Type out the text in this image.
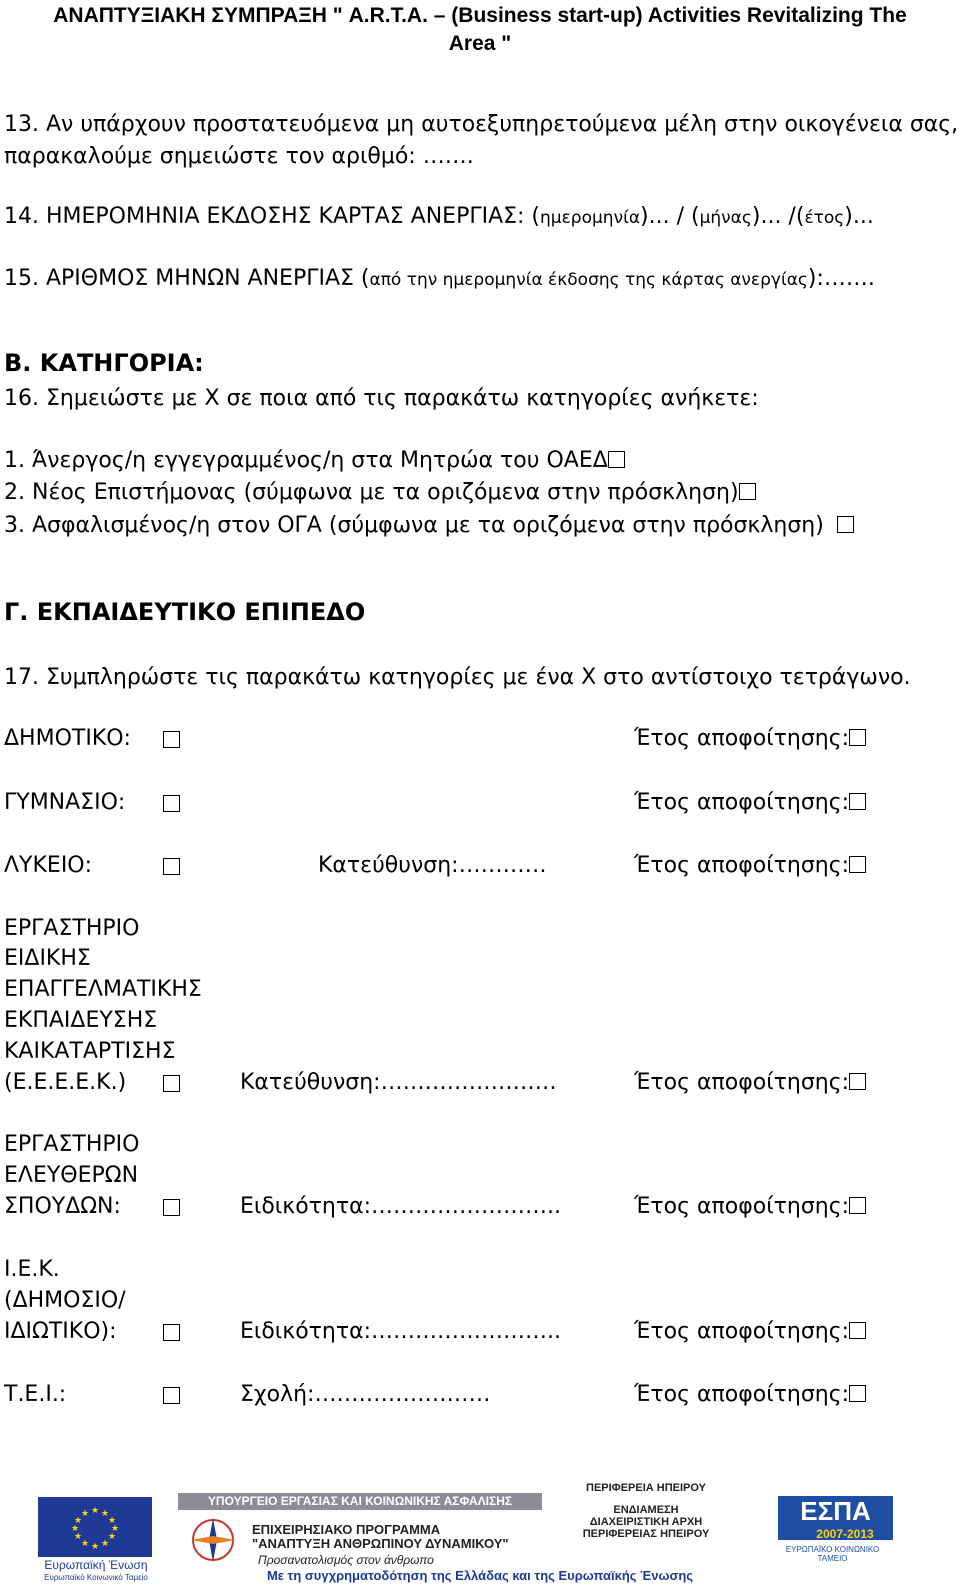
ΑΝΑΠΤΥΞΙΑΚΗ ΣΥΜΠΡΑΞΗ " A.R.T.A. – (Business start-up) Activities Revitalizing The
Area "
13. Αν υπάρχουν προστατευόμενα μη αυτοεξυπηρετούμενα μέλη στην οικογένεια σας,
παρακαλούμε σημειώστε τον αριθμό: …….
14. ΗΜΕΡΟΜΗΝΙΑ ΕΚΔΟΣΗΣ ΚΑΡΤΑΣ ΑΝΕΡΓΙΑΣ: (ημερομηνία)... / (μήνας)... /(έτος)...
15. ΑΡΙΘΜΟΣ ΜΗΝΩΝ ΑΝΕΡΓΙΑΣ (από την ημερομηνία έκδοσης της κάρτας ανεργίας):…….
Β. ΚΑΤΗΓΟΡΙΑ:
16. Σημειώστε με Χ σε ποια από τις παρακάτω κατηγορίες ανήκετε:
1. Άνεργος/η εγγεγραμμένος/η στα Μητρώα του ΟΑΕΔ
2. Νέος Επιστήμονας (σύμφωνα με τα οριζόμενα στην πρόσκληση)
3. Ασφαλισμένος/η στον ΟΓΑ (σύμφωνα με τα οριζόμενα στην πρόσκληση)
Γ. ΕΚΠΑΙΔΕΥΤΙΚΟ ΕΠΙΠΕΔΟ
17. Συμπληρώστε τις παρακάτω κατηγορίες με ένα Χ στο αντίστοιχο τετράγωνο.
ΔΗΜΟΤΙΚΟ:	Έτος αποφοίτησης:
ΓΥΜΝΑΣΙΟ:	Έτος αποφοίτησης:
ΛΥΚΕΙΟ:	Κατεύθυνση:…………	Έτος αποφοίτησης:
ΕΡΓΑΣΤΗΡΙΟ
ΕΙΔΙΚΗΣ
ΕΠΑΓΓΕΛΜΑΤΙΚΗΣ
ΕΚΠΑΙΔΕΥΣΗΣ
ΚΑΙΚΑΤΑΡΤΙΣΗΣ
(Ε.Ε.Ε.Ε.Κ.)	Κατεύθυνση:……………………	Έτος αποφοίτησης:
ΕΡΓΑΣΤΗΡΙΟ
ΕΛΕΥΘΕΡΩΝ
ΣΠΟΥΔΩΝ:	Ειδικότητα:……………………..	Έτος αποφοίτησης:
Ι.Ε.Κ.
(ΔΗΜΟΣΙΟ/
ΙΔΙΩΤΙΚΟ):	Ειδικότητα:……………………..	Έτος αποφοίτησης:
Τ.Ε.Ι.:	Σχολή:……………………	Έτος αποφοίτησης:
★ ★
★
★
★
★
★
★
★
★
★
★
Ευρωπαϊκή Ένωση
Ευρωπαϊκό Κοινωνικό Ταμείο
ΥΠΟΥΡΓΕΙΟ ΕΡΓΑΣΙΑΣ ΚΑΙ ΚΟΙΝΩΝΙΚΗΣ ΑΣΦΑΛΙΣΗΣ
ΕΠΙΧΕΙΡΗΣΙΑΚΟ ΠΡΟΓΡΑΜΜΑ
"ΑΝΑΠΤΥΞΗ ΑΝΘΡΩΠΙΝΟΥ ΔΥΝΑΜΙΚΟΥ"
Προσανατολισμός στον άνθρωπο
ΠΕΡΙΦΕΡΕΙΑ ΗΠΕΙΡΟΥ
ΕΝΔΙΑΜΕΣΗ
ΔΙΑΧΕΙΡΙΣΤΙΚΗ ΑΡΧΗ
ΠΕΡΙΦΕΡΕΙΑΣ ΗΠΕΙΡΟΥ
ΕΣΠΑ
2007-2013
ΕΥΡΩΠΑΪΚΟ ΚΟΙΝΩΝΙΚΟ ΤΑΜΕΙΟ
Με τη συγχρηματοδότηση της Ελλάδας και της Ευρωπαϊκής Ένωσης
